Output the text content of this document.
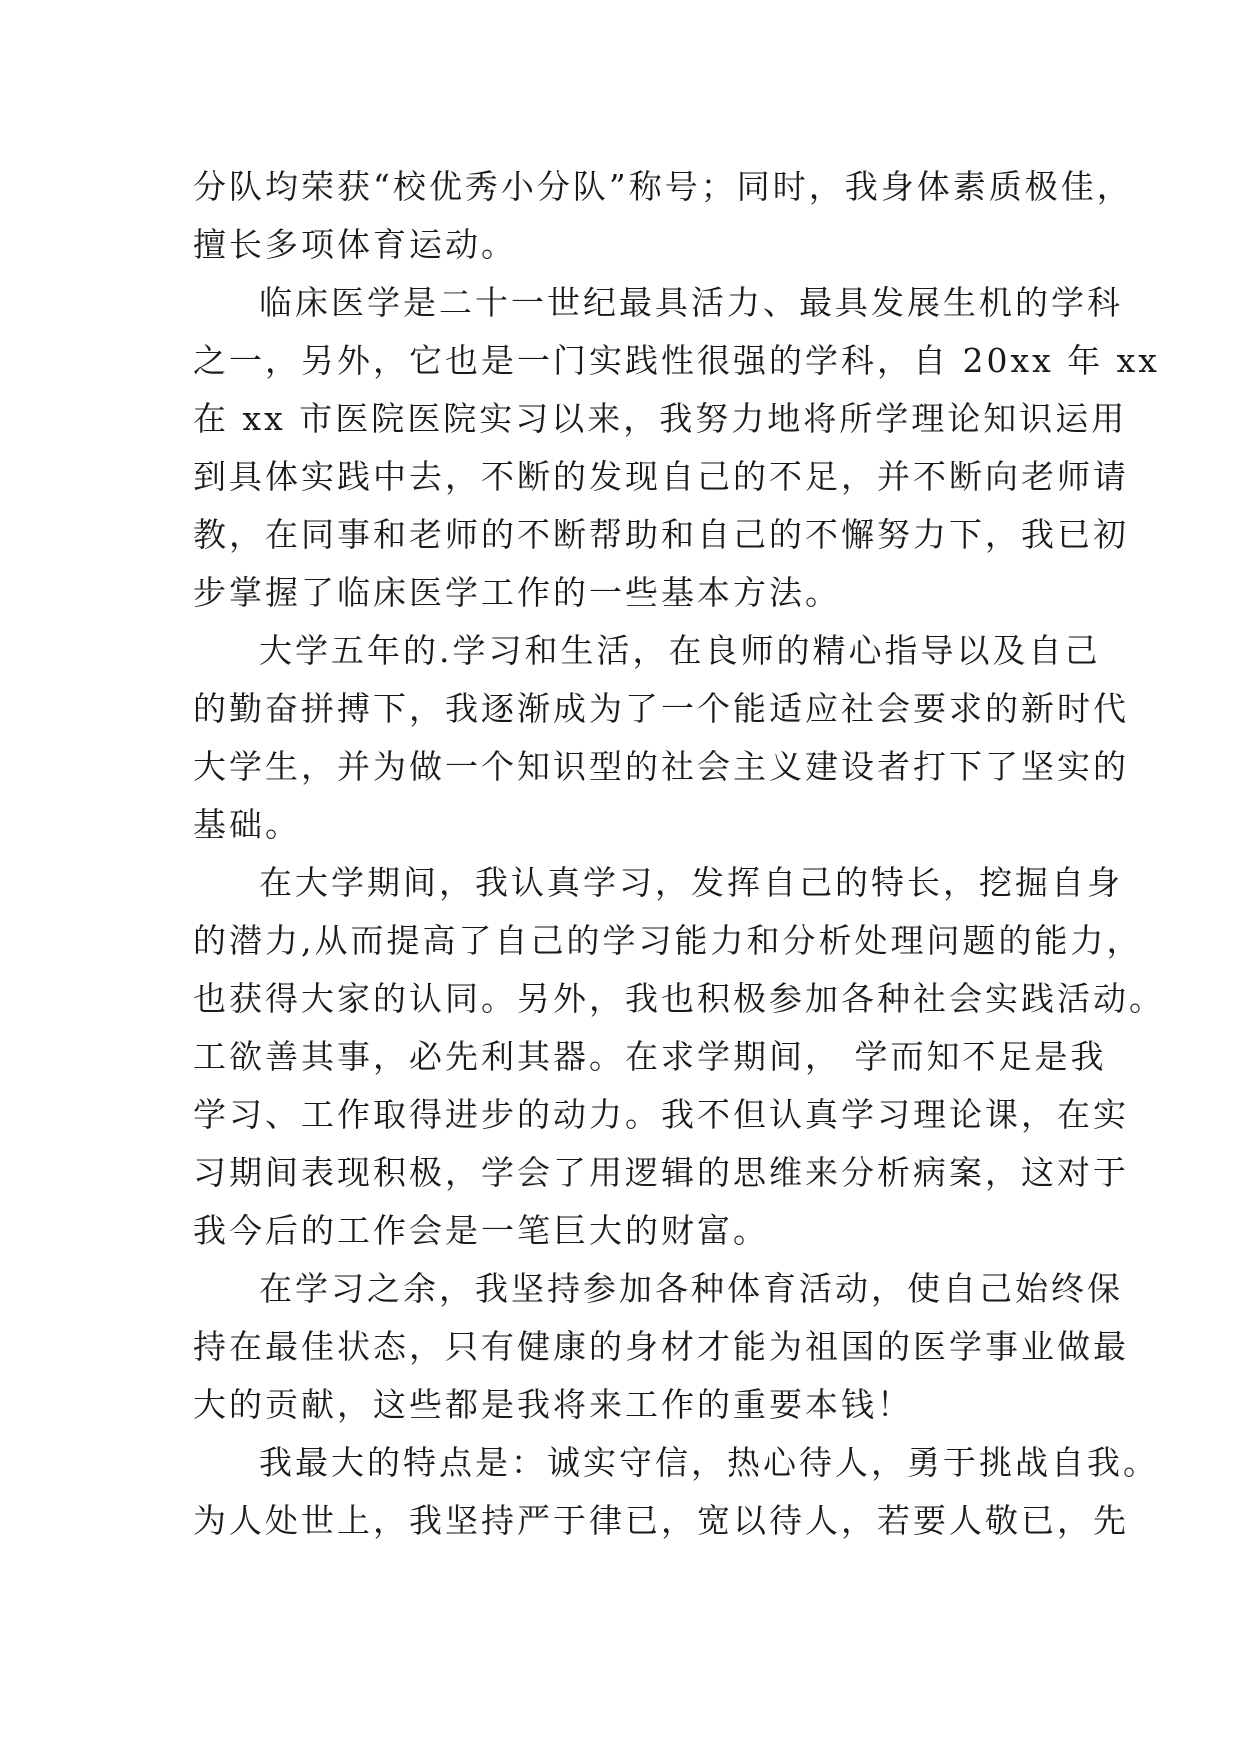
分队均荣获“校优秀小分队”称号；同时，我身体素质极佳，
擅长多项体育运动。
临床医学是二十一世纪最具活力、最具发展生机的学科
之一，另外，它也是一门实践性很强的学科，自 20xx 年 xx
在 xx 市医院医院实习以来，我努力地将所学理论知识运用
到具体实践中去，不断的发现自己的不足，并不断向老师请
教，在同事和老师的不断帮助和自己的不懈努力下，我已初
步掌握了临床医学工作的一些基本方法。
大学五年的.学习和生活，在良师的精心指导以及自己
的勤奋拼搏下，我逐渐成为了一个能适应社会要求的新时代
大学生，并为做一个知识型的社会主义建设者打下了坚实的
基础。
在大学期间，我认真学习，发挥自己的特长，挖掘自身
的潜力,从而提高了自己的学习能力和分析处理问题的能力，
也获得大家的认同。另外，我也积极参加各种社会实践活动。
工欲善其事，必先利其器。在求学期间， 学而知不足是我
学习、工作取得进步的动力。我不但认真学习理论课，在实
习期间表现积极，学会了用逻辑的思维来分析病案，这对于
我今后的工作会是一笔巨大的财富。
在学习之余，我坚持参加各种体育活动，使自己始终保
持在最佳状态，只有健康的身材才能为祖国的医学事业做最
大的贡献，这些都是我将来工作的重要本钱！
我最大的特点是：诚实守信，热心待人，勇于挑战自我。
为人处世上，我坚持严于律已，宽以待人，若要人敬已，先
